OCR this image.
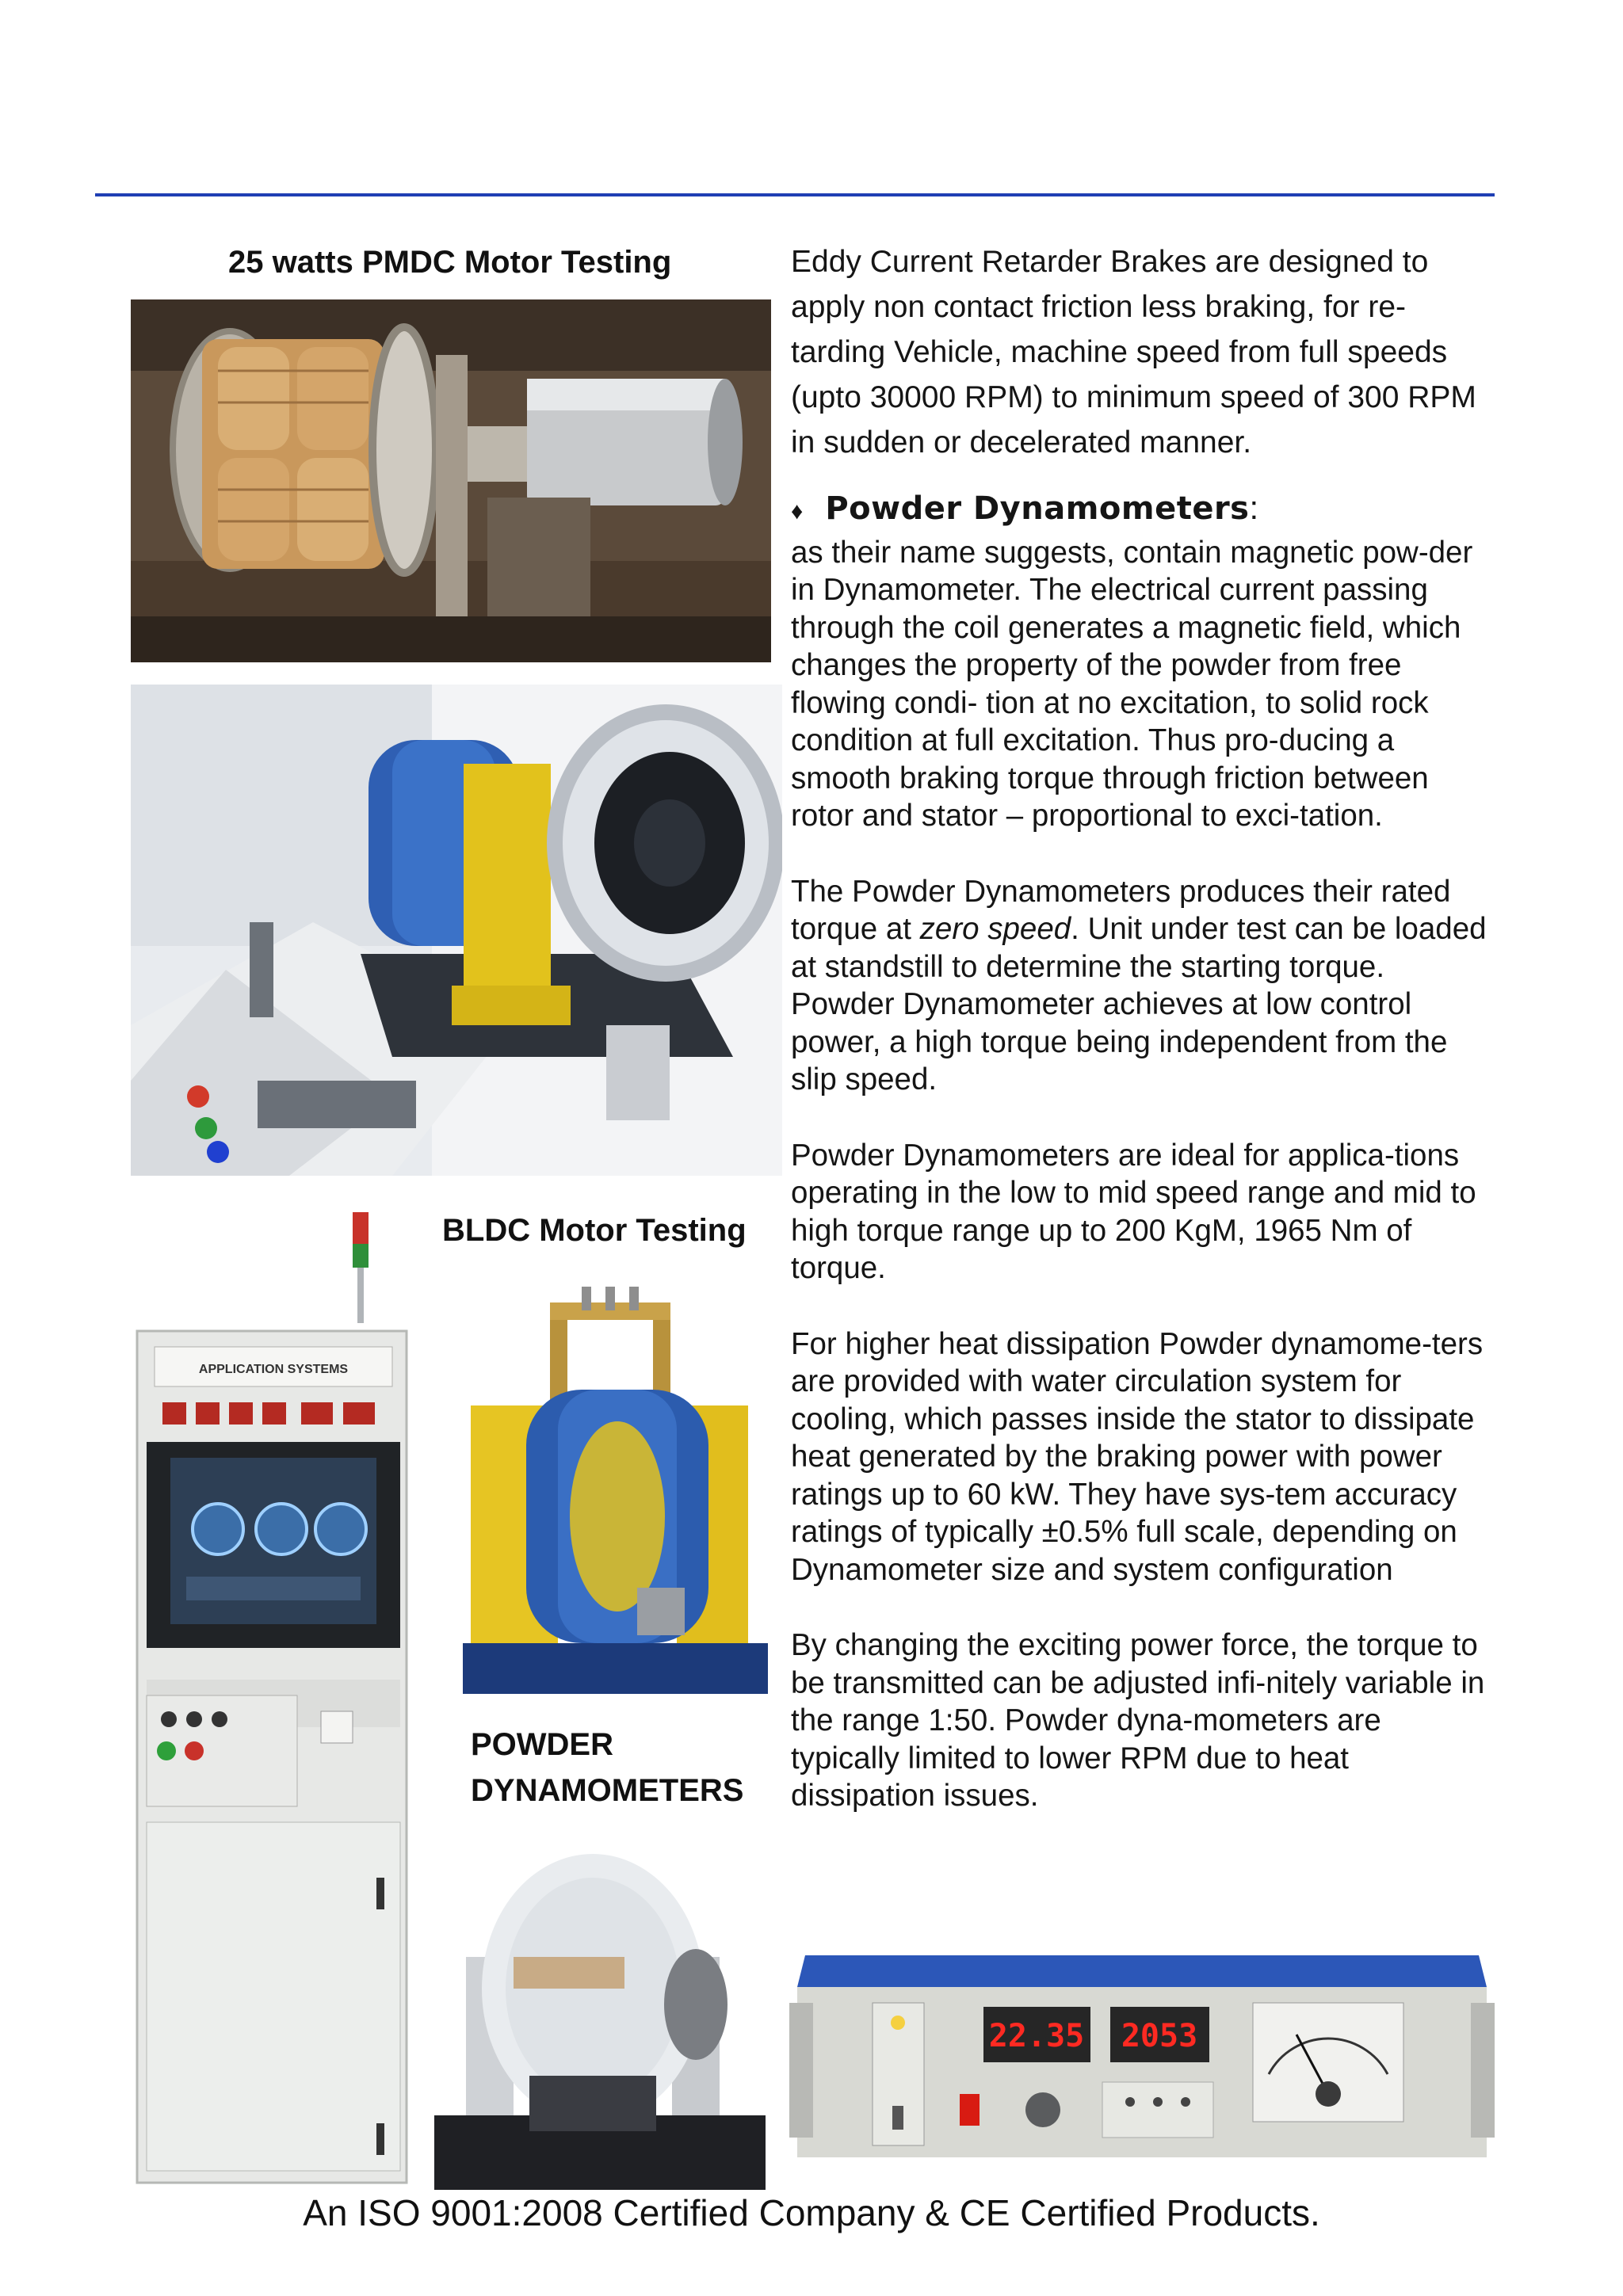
25 watts PMDC Motor Testing
BLDC Motor Testing
APPLICATION SYSTEMS
POWDER
DYNAMOMETERS
22.35 2053

Eddy Current Retarder Brakes are designed to apply non contact friction less braking, for re-tarding Vehicle, machine speed from full speeds (upto 30000 RPM) to minimum speed of 300 RPM in sudden or decelerated manner.

♦ Powder Dynamometers:

as their name suggests, contain magnetic pow-der in Dynamometer. The electrical current passing through the coil generates a magnetic field, which changes the property of the powder from free flowing condi- tion at no excitation, to solid rock condition at full excitation. Thus pro-ducing a smooth braking torque through friction between rotor and stator – proportional to exci-tation.

The Powder Dynamometers produces their rated torque at zero speed. Unit under test can be loaded at standstill to determine the starting torque. Powder Dynamometer achieves at low control power, a high torque being independent from the slip speed.

Powder Dynamometers are ideal for applica-tions operating in the low to mid speed range and mid to high torque range up to 200 KgM, 1965 Nm of torque.

For higher heat dissipation Powder dynamome-ters are provided with water circulation system for cooling, which passes inside the stator to dissipate heat generated by the braking power with power ratings up to 60 kW. They have sys-tem accuracy ratings of typically ±0.5% full scale, depending on Dynamometer size and system configuration

By changing the exciting power force, the torque to be transmitted can be adjusted infi-nitely variable in the range 1:50. Powder dyna-mometers are typically limited to lower RPM due to heat dissipation issues.

An ISO 9001:2008 Certified Company & CE Certified Products.
